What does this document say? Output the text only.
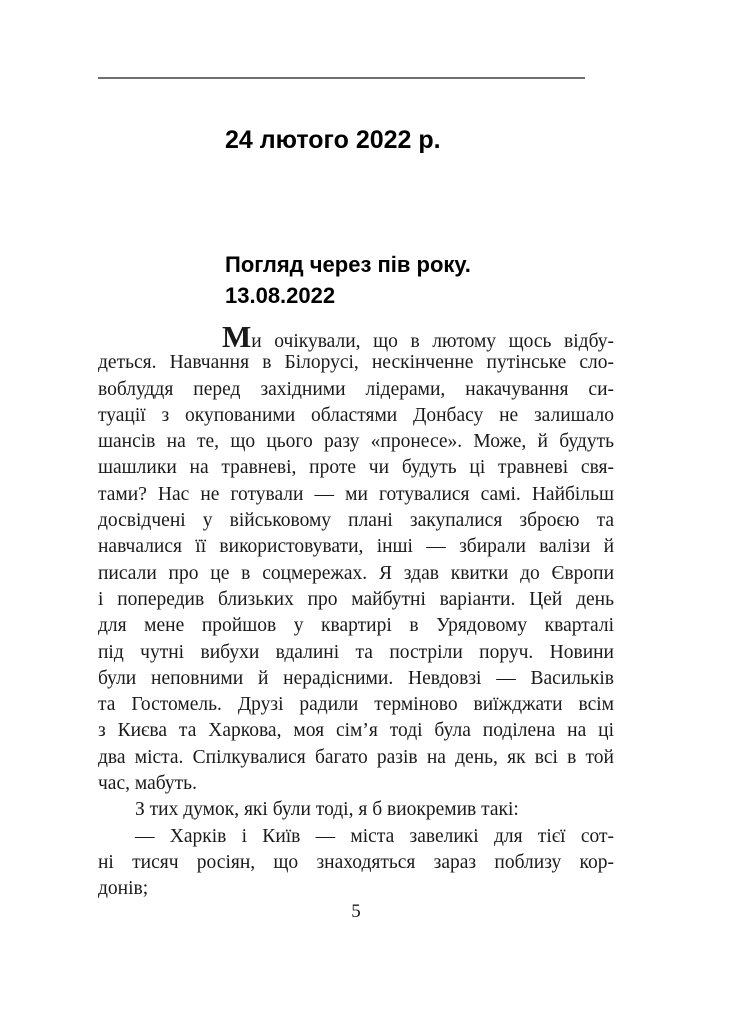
24 лютого 2022 р.
Погляд через пів року.
13.08.2022
Ми очікували, що в лютому щось відбу-
деться. Навчання в Білорусі, нескінченне путінське сло-
воблуддя перед західними лідерами, накачування си-
туації з окупованими областями Донбасу не залишало
шансів на те, що цього разу «пронесе». Може, й будуть
шашлики на травневі, проте чи будуть ці травневі свя-
тами? Нас не готували — ми готувалися самі. Найбільш
досвідчені у військовому плані закупалися зброєю та
навчалися її використовувати, інші — збирали валізи й
писали про це в соцмережах. Я здав квитки до Європи
і попередив близьких про майбутні варіанти. Цей день
для мене пройшов у квартирі в Урядовому кварталі
під чутні вибухи вдалині та постріли поруч. Новини
були неповними й нерадісними. Невдовзі — Васильків
та Гостомель. Друзі радили терміново виїжджати всім
з Києва та Харкова, моя сім’я тоді була поділена на ці
два міста. Спілкувалися багато разів на день, як всі в той
час, мабуть.
З тих думок, які були тоді, я б виокремив такі:
— Харків і Київ — міста завеликі для тієї сот-
ні тисяч росіян, що знаходяться зараз поблизу кор-
донів;
5
